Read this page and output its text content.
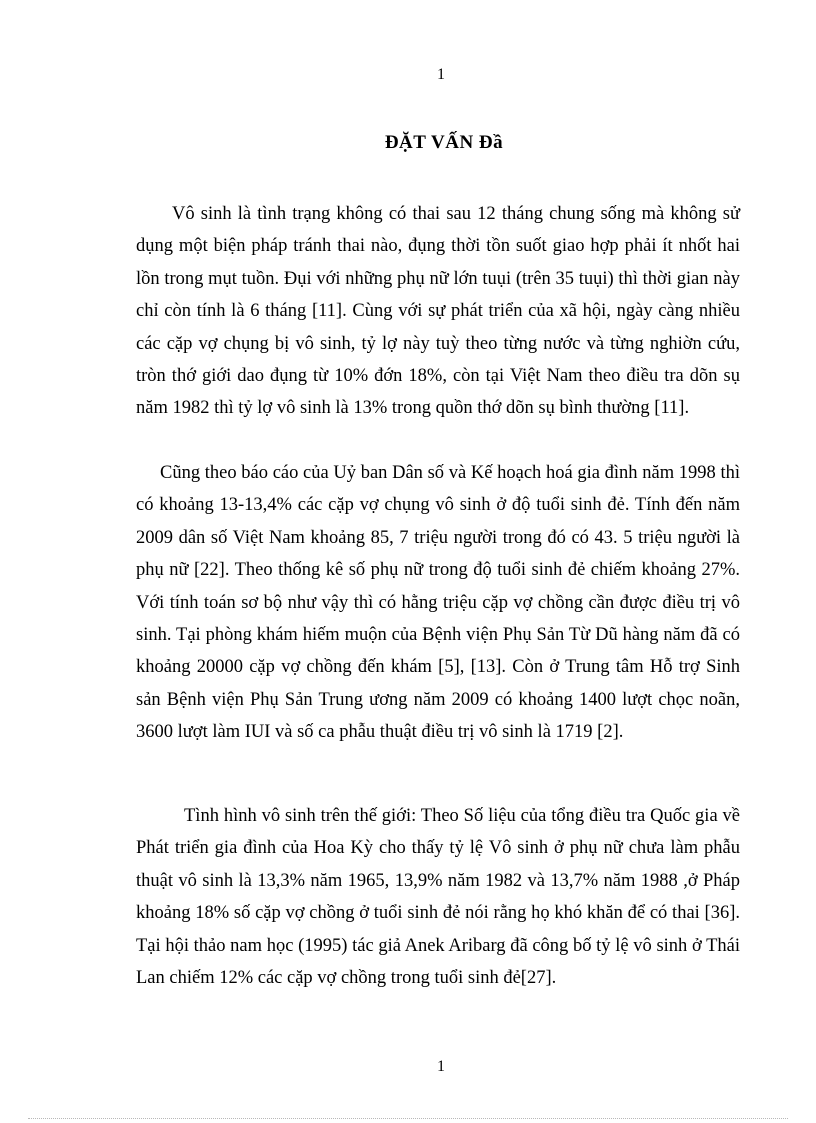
1
ĐẶT VẤN Đầ

Vô sinh là tình trạng không có thai sau 12 tháng chung sống mà không sử dụng một biện pháp tránh thai nào, đụng thời tồn suốt giao hợp phải ít nhốt hai lồn trong mụt tuồn. Đụi với những phụ nữ lớn tuụi (trên 35 tuụi) thì thời gian này chỉ còn tính là 6 tháng [11]. Cùng với sự phát triển của xã hội, ngày càng nhiều các cặp vợ chụng bị vô sinh, tỷ lợ này tuỳ theo từng nước và từng nghiờn cứu, tròn thớ giới dao đụng từ 10% đớn 18%, còn tại Việt Nam theo điều tra dõn sụ năm 1982 thì tỷ lợ vô sinh là 13% trong quồn thớ dõn sụ bình thường [11].

Cũng theo báo cáo của Uỷ ban Dân số và Kế hoạch hoá gia đình năm 1998 thì có khoảng 13-13,4% các cặp vợ chụng vô sinh ở độ tuổi sinh đẻ. Tính đến năm 2009 dân số Việt Nam khoảng 85, 7 triệu người trong đó có 43. 5 triệu người là phụ nữ [22]. Theo thống kê số phụ nữ trong độ tuổi sinh đẻ chiếm khoảng 27%. Với tính toán sơ bộ như vậy thì có hằng triệu cặp vợ chồng cần được điều trị vô sinh. Tại phòng khám hiếm muộn của Bệnh viện Phụ Sản Từ Dũ hàng năm đã có khoảng 20000 cặp vợ chồng đến khám [5], [13]. Còn ở Trung tâm Hỗ trợ Sinh sản Bệnh viện Phụ Sản Trung ương năm 2009 có khoảng 1400 lượt chọc noãn, 3600 lượt làm IUI và số ca phẫu thuật điều trị vô sinh là 1719 [2].

Tình hình vô sinh trên thế giới: Theo Số liệu của tổng điều tra Quốc gia về Phát triển gia đình của Hoa Kỳ cho thấy tỷ lệ Vô sinh ở phụ nữ chưa làm phẫu thuật vô sinh là 13,3% năm 1965, 13,9% năm 1982 và 13,7% năm 1988 ,ở Pháp khoảng 18% số cặp vợ chồng ở tuổi sinh đẻ nói rằng họ khó khăn để có thai [36]. Tại hội thảo nam học (1995) tác giả Anek Aribarg đã công bố tỷ lệ vô sinh ở Thái Lan chiếm 12% các cặp vợ chồng trong tuổi sinh đẻ[27].

1
